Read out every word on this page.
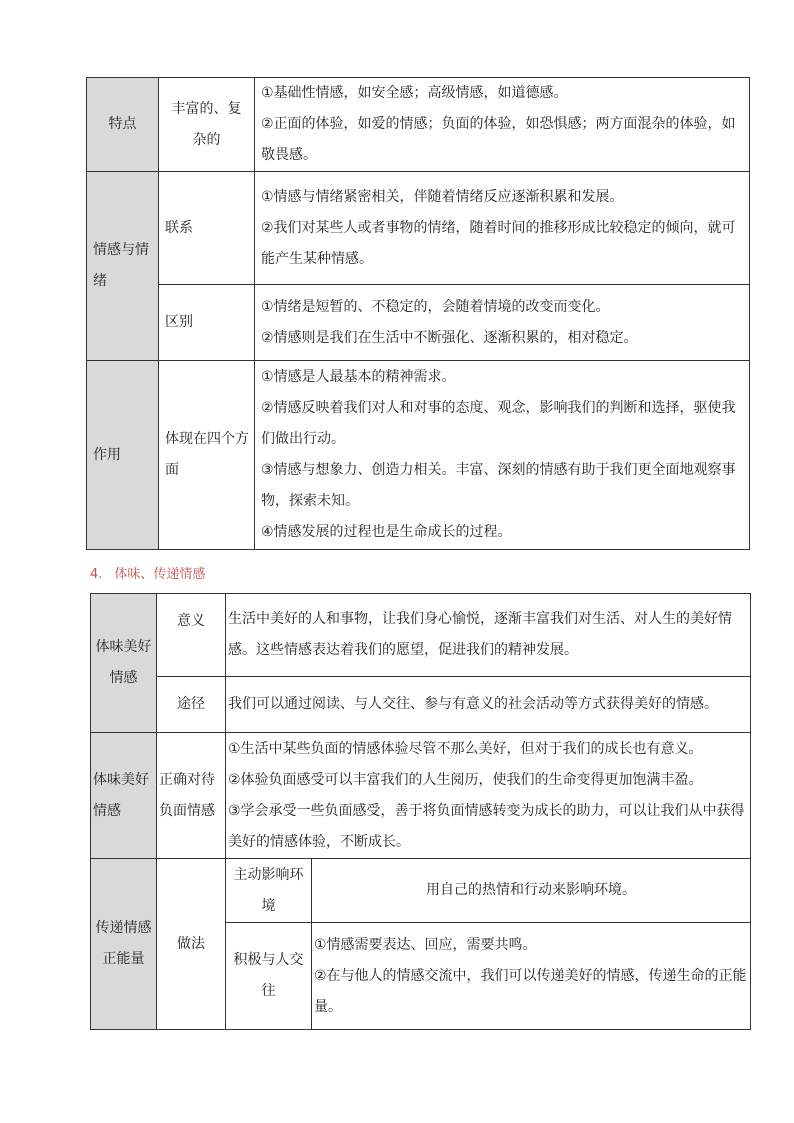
特点	丰富的、复杂的	①基础性情感，如安全感；高级情感，如道德感。

②正面的体验，如爱的情感；负面的体验，如恐惧感；两方面混杂的体验，如敬畏感。

情感与情绪	联系	①情感与情绪紧密相关，伴随着情绪反应逐渐积累和发展。

②我们对某些人或者事物的情绪，随着时间的推移形成比较稳定的倾向，就可能产生某种情感。

	区别	①情绪是短暂的、不稳定的，会随着情境的改变而变化。

②情感则是我们在生活中不断强化、逐渐积累的，相对稳定。

作用	体现在四个方面	①情感是人最基本的精神需求。

②情感反映着我们对人和对事的态度、观念，影响我们的判断和选择，驱使我们做出行动。

③情感与想象力、创造力相关。丰富、深刻的情感有助于我们更全面地观察事物，探索未知。

④情感发展的过程也是生命成长的过程。

4. 体味、传递情感
体味美好情感	意义	生活中美好的人和事物，让我们身心愉悦，逐渐丰富我们对生活、对人生的美好情感。这些情感表达着我们的愿望，促进我们的精神发展。	
	途径	我们可以通过阅读、与人交往、参与有意义的社会活动等方式获得美好的情感。	
体味美好情感	正确对待负面情感	①生活中某些负面的情感体验尽管不那么美好，但对于我们的成长也有意义。

②体验负面感受可以丰富我们的人生阅历，使我们的生命变得更加饱满丰盈。

③学会承受一些负面感受，善于将负面情感转变为成长的助力，可以让我们从中获得美好的情感体验，不断成长。	

传递情感正能量	做法	主动影响环境	用自己的热情和行动来影响环境。
		积极与人交往	①情感需要表达、回应，需要共鸣。

②在与他人的情感交流中，我们可以传递美好的情感，传递生命的正能量。
